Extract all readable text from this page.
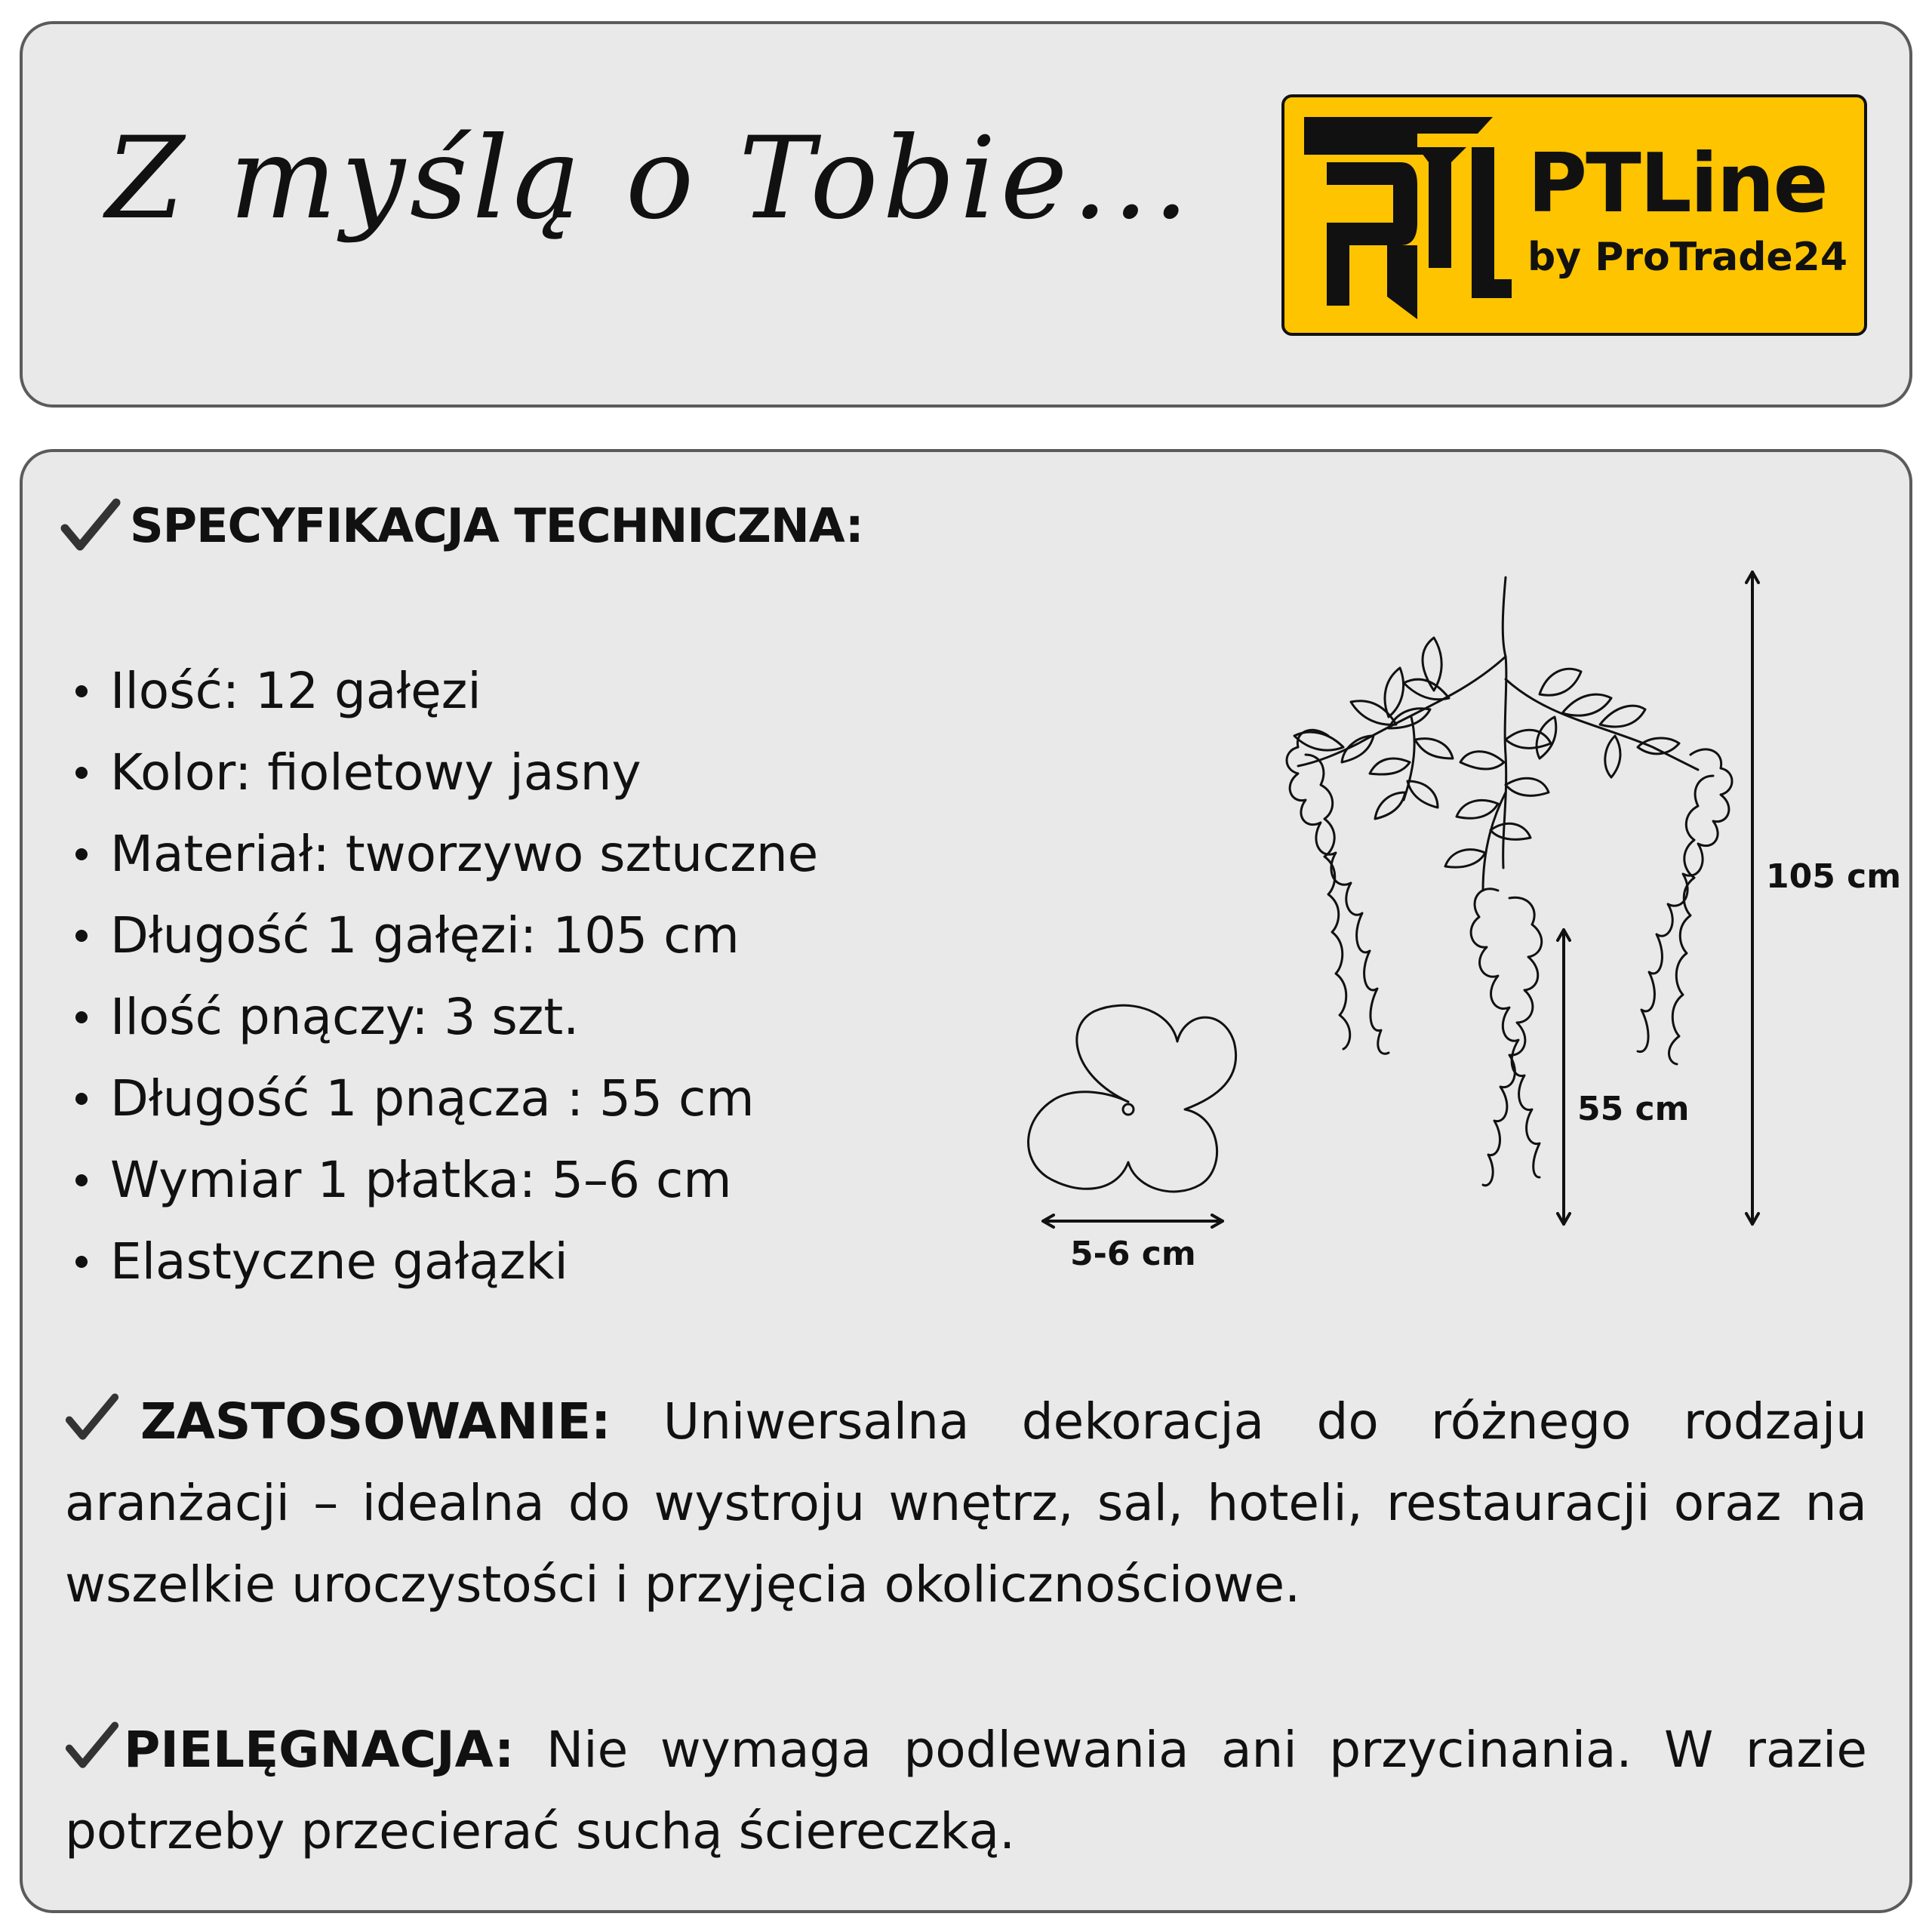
Z myślą o Tobie...	PTLine
by ProTrade24
SPECYFIKACJA TECHNICZNA:
Ilość: 12 gałęzi
Kolor: fioletowy jasny
Materiał: tworzywo sztuczne
Długość 1 gałęzi: 105 cm
Ilość pnączy: 3 szt.
Długość 1 pnącza : 55 cm
Wymiar 1 płatka: 5–6 cm
Elastyczne gałązki	5-6 cm
55 cm
105 cm
ZASTOSOWANIE: Uniwersalna dekoracja do różnego rodzaju aranżacji – idealna do wystroju wnętrz, sal, hoteli, restauracji oraz na wszelkie uroczystości i przyjęcia okolicznościowe.
PIELĘGNACJA: Nie wymaga podlewania ani przycinania. W razie potrzeby przecierać suchą ściereczką.
